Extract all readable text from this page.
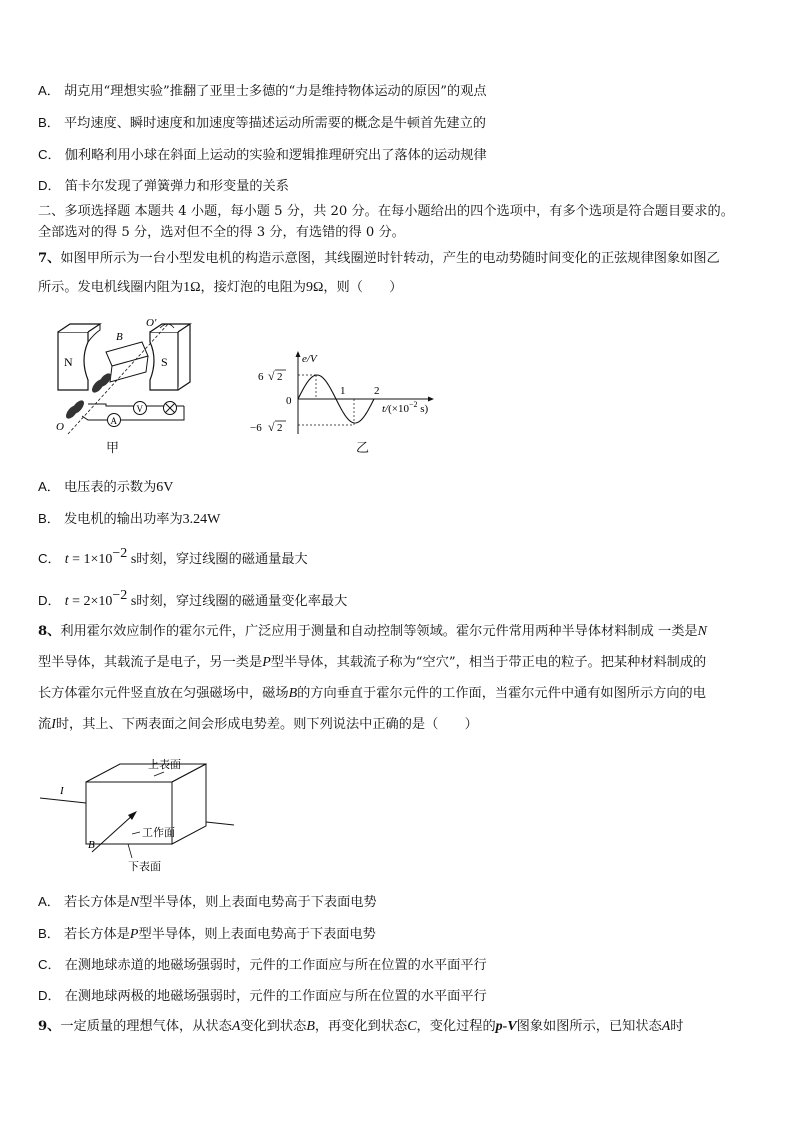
A． 胡克用“理想实验”推翻了亚里士多德的“力是维持物体运动的原因”的观点
B． 平均速度、瞬时速度和加速度等描述运动所需要的概念是牛顿首先建立的
C． 伽利略利用小球在斜面上运动的实验和逻辑推理研究出了落体的运动规律
D． 笛卡尔发现了弹簧弹力和形变量的关系
二、多项选择题 本题共 4 小题，每小题 5 分，共 20 分。在每小题给出的四个选项中，有多个选项是符合题目要求的。
全部选对的得 5 分，选对但不全的得 3 分，有选错的得 0 分。
7、如图甲所示为一台小型发电机的构造示意图，其线圈逆时针转动，产生的电动势随时间变化的正弦规律图象如图乙
所示。发电机线圈内阻为1Ω，接灯泡的电阻为9Ω，则（　　）
N	S
B
O′
O	A
V
甲
e/V
6 √ 2
0
−6 √ 2
1	2
$t/(\times 10^{-2}$ s)
乙
A． 电压表的示数为6V
B． 发电机的输出功率为3.24W
C． $t = 1\times 10^{-2}$ s时刻，穿过线圈的磁通量最大
D． $t = 2\times 10^{-2}$ s时刻，穿过线圈的磁通量变化率最大
8、利用霍尔效应制作的霍尔元件，广泛应用于测量和自动控制等领域。霍尔元件常用两种半导体材料制成 一类是N
型半导体，其载流子是电子，另一类是P型半导体，其载流子称为“空穴”，相当于带正电的粒子。把某种材料制成的
长方体霍尔元件竖直放在匀强磁场中，磁场B的方向垂直于霍尔元件的工作面，当霍尔元件中通有如图所示方向的电
流I时，其上、下两表面之间会形成电势差。则下列说法中正确的是（　　）
I
上表面
工作面
下表面
B
A． 若长方体是N型半导体，则上表面电势高于下表面电势
B． 若长方体是P型半导体，则上表面电势高于下表面电势
C． 在测地球赤道的地磁场强弱时，元件的工作面应与所在位置的水平面平行
D． 在测地球两极的地磁场强弱时，元件的工作面应与所在位置的水平面平行
9、一定质量的理想气体，从状态A变化到状态B，再变化到状态C，变化过程的p-V图象如图所示，已知状态A时
